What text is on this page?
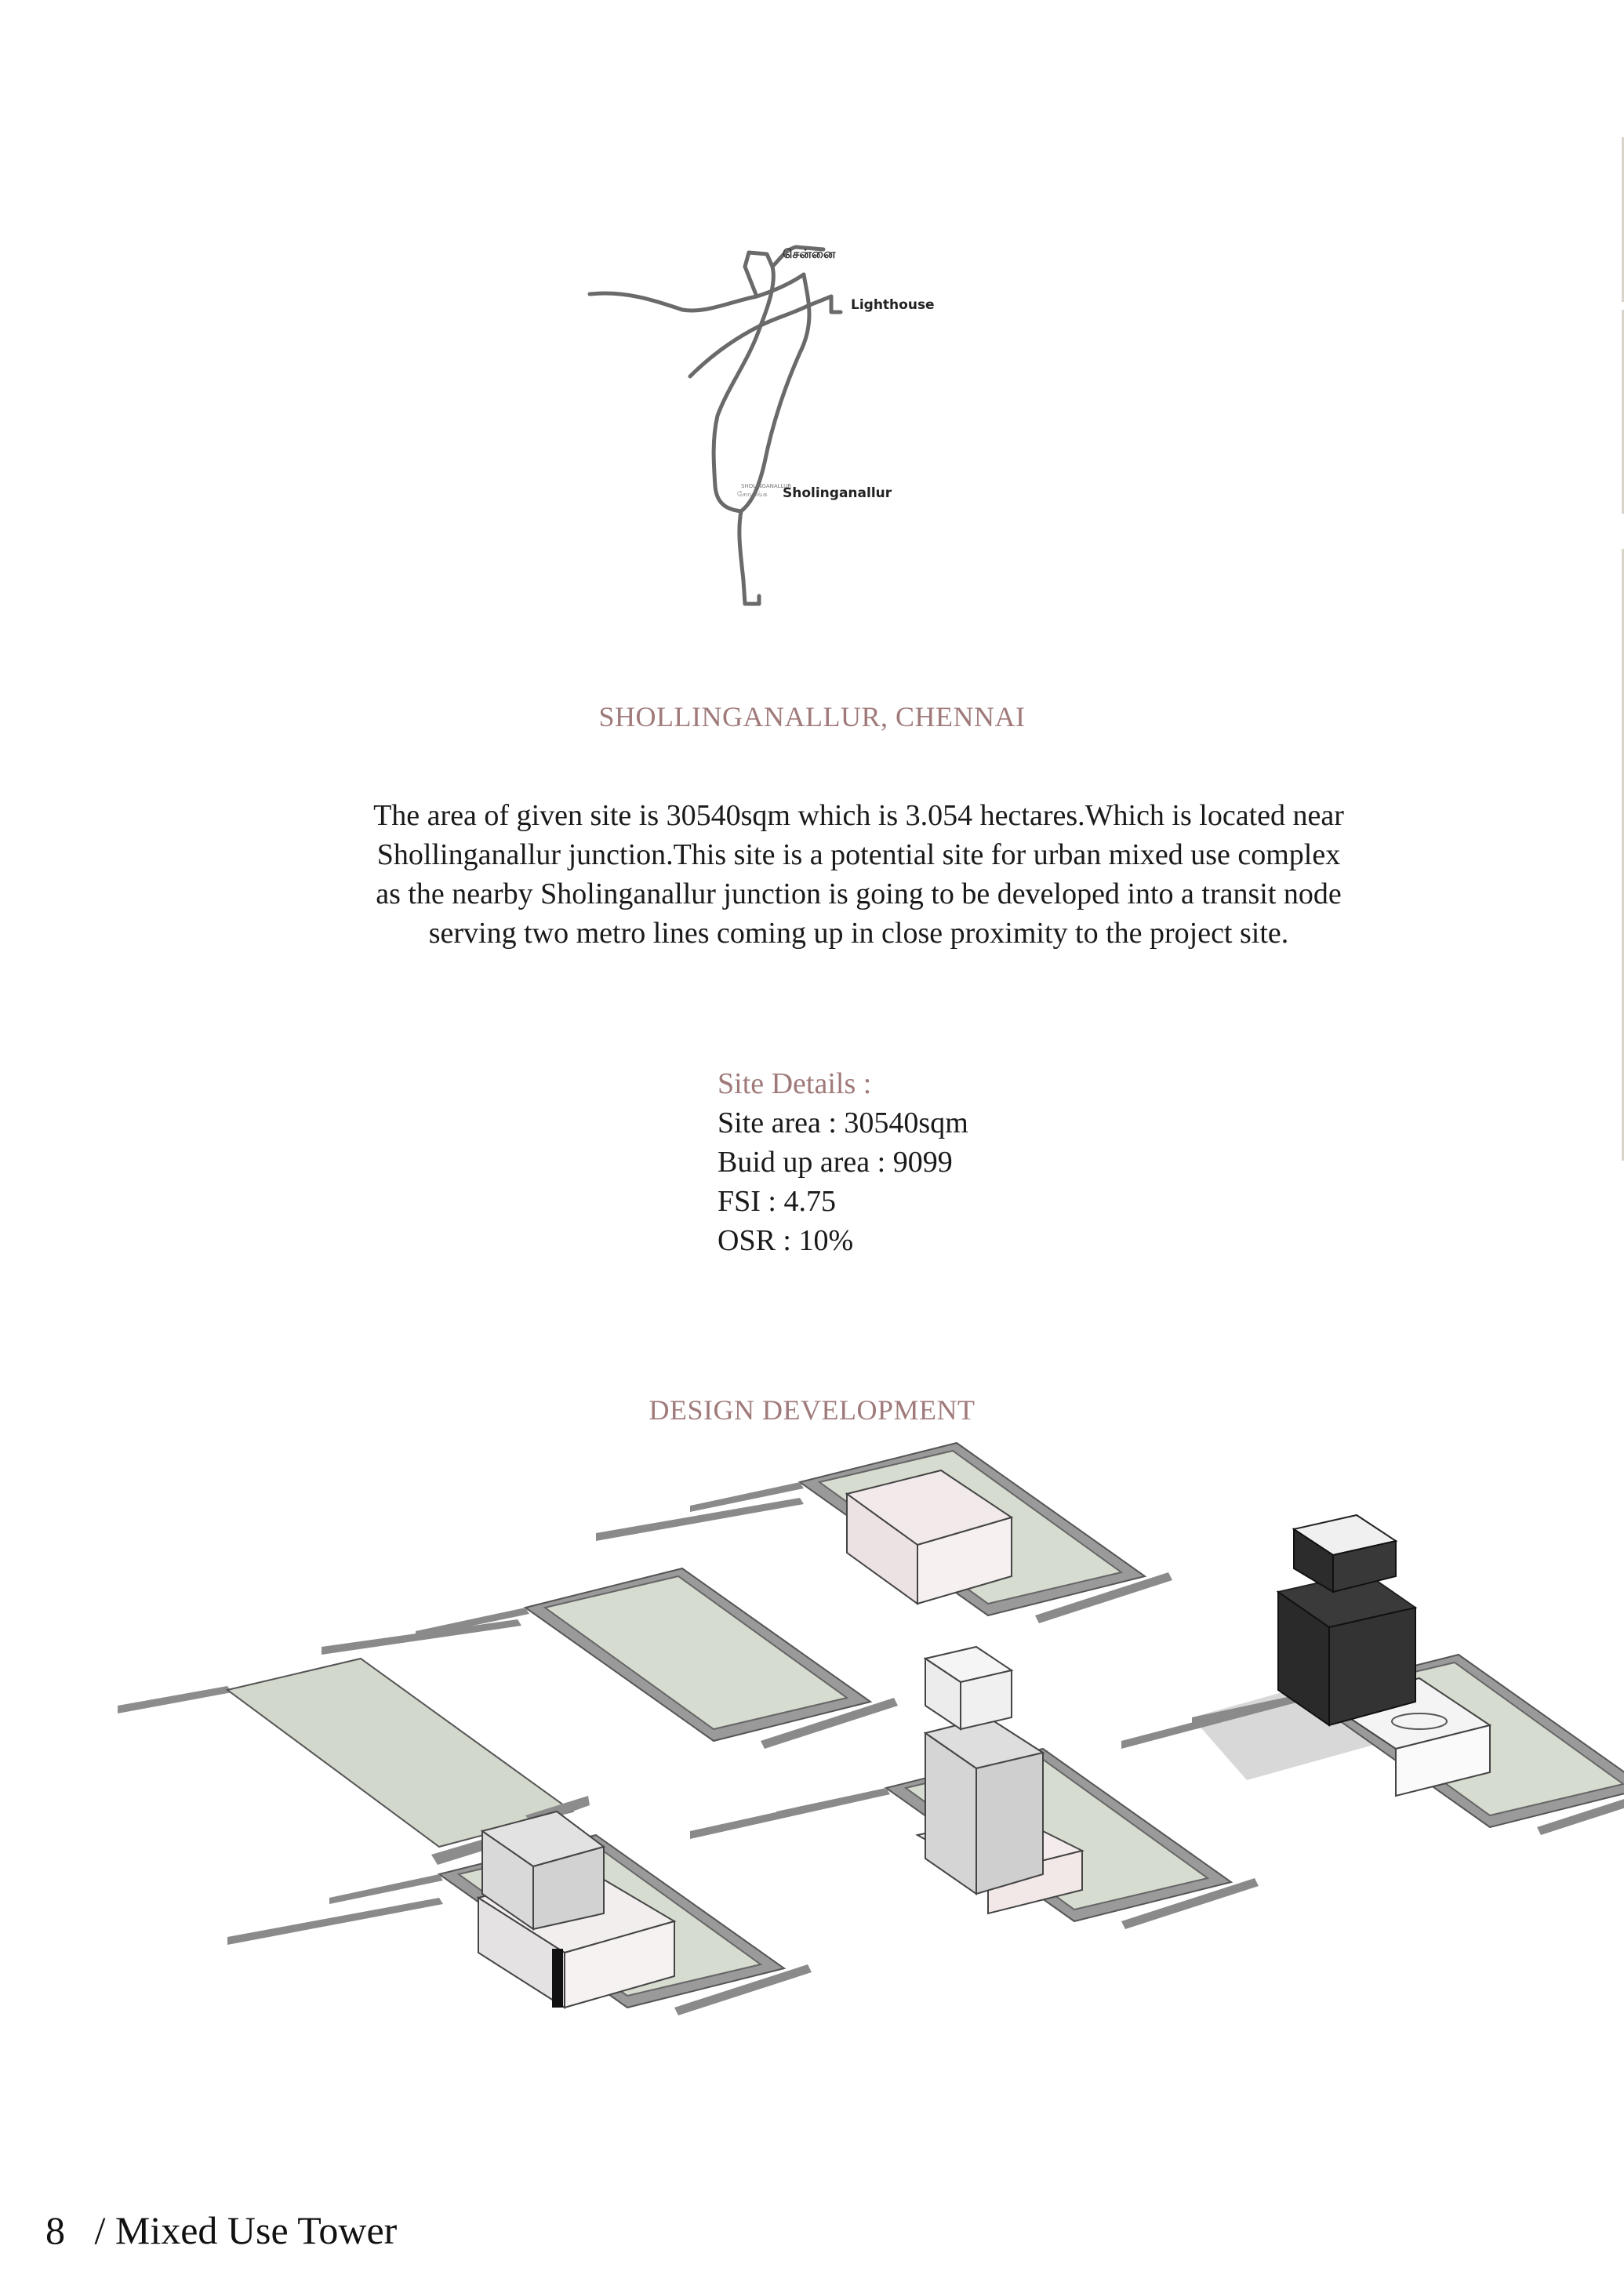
சென்னை
Lighthouse
Sholinganallur
SHOLINGANALLUR
சோழிங்க
SHOLLINGANALLUR, CHENNAI

The area of given site is 30540sqm which is 3.054 hectares.Which is located near
Shollinganallur junction.This site is a potential site for urban mixed use complex
as the nearby Sholinganallur junction is going to be developed into a transit node
serving two metro lines coming up in close proximity to the project site.

Site Details :
Site area : 30540sqm
Buid up area : 9099
FSI : 4.75
OSR : 10%
DESIGN DEVELOPMENT
8 / Mixed Use Tower
